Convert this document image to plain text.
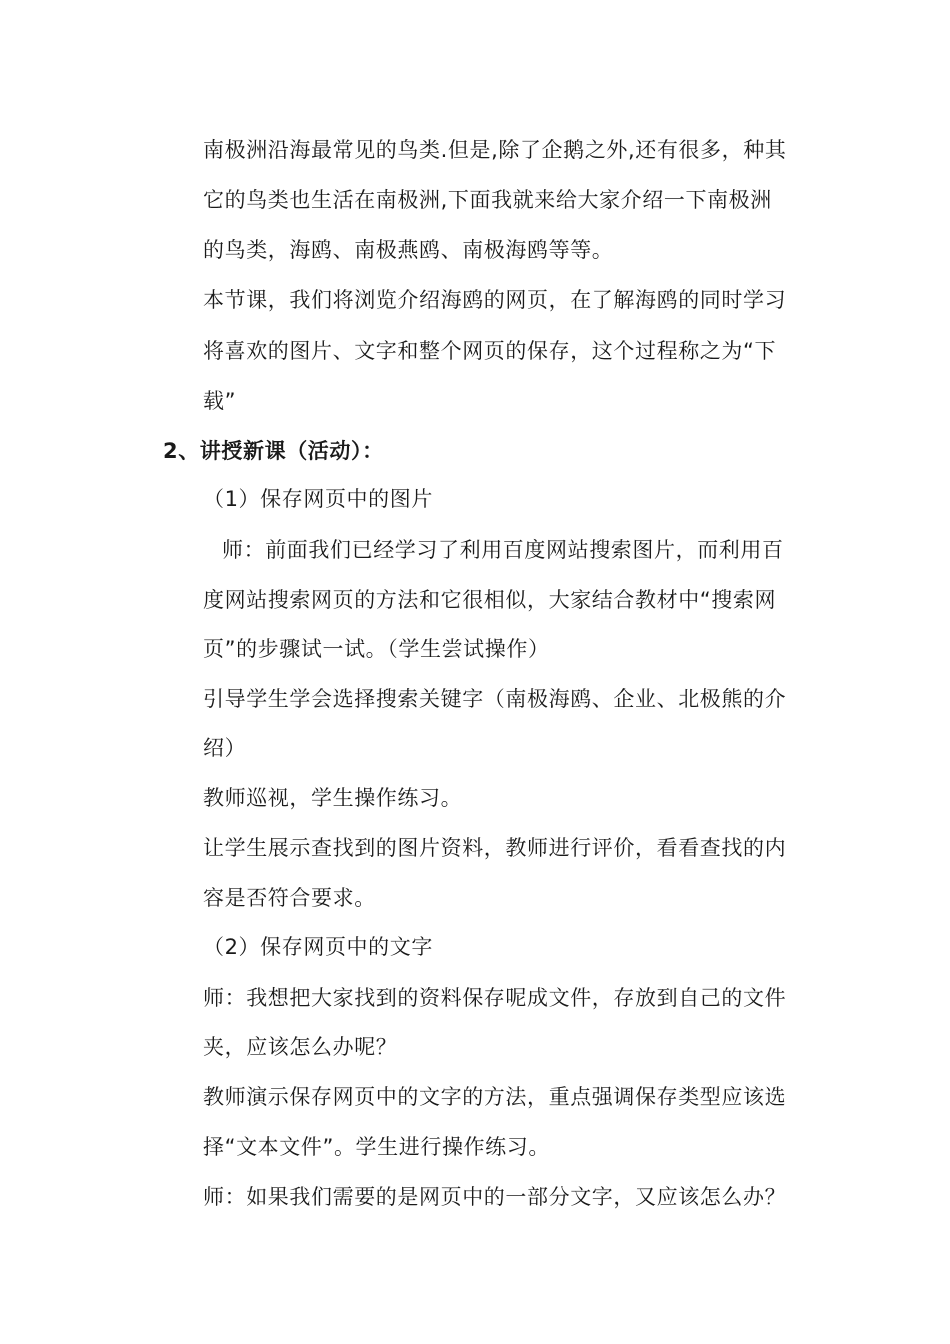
南极洲沿海最常见的鸟类.但是,除了企鹅之外,还有很多，种其
它的鸟类也生活在南极洲,下面我就来给大家介绍一下南极洲
的鸟类，海鸥、南极燕鸥、南极海鸥等等。
本节课，我们将浏览介绍海鸥的网页，在了解海鸥的同时学习
将喜欢的图片、文字和整个网页的保存，这个过程称之为“下
载”
2、讲授新课（活动）：
（1）保存网页中的图片
师：前面我们已经学习了利用百度网站搜索图片，而利用百
度网站搜索网页的方法和它很相似，大家结合教材中“搜索网
页”的步骤试一试。（学生尝试操作）
引导学生学会选择搜索关键字（南极海鸥、企业、北极熊的介
绍）
教师巡视，学生操作练习。
让学生展示查找到的图片资料，教师进行评价，看看查找的内
容是否符合要求。
（2）保存网页中的文字
师：我想把大家找到的资料保存呢成文件，存放到自己的文件
夹，应该怎么办呢？
教师演示保存网页中的文字的方法，重点强调保存类型应该选
择“文本文件”。学生进行操作练习。
师：如果我们需要的是网页中的一部分文字，又应该怎么办？
